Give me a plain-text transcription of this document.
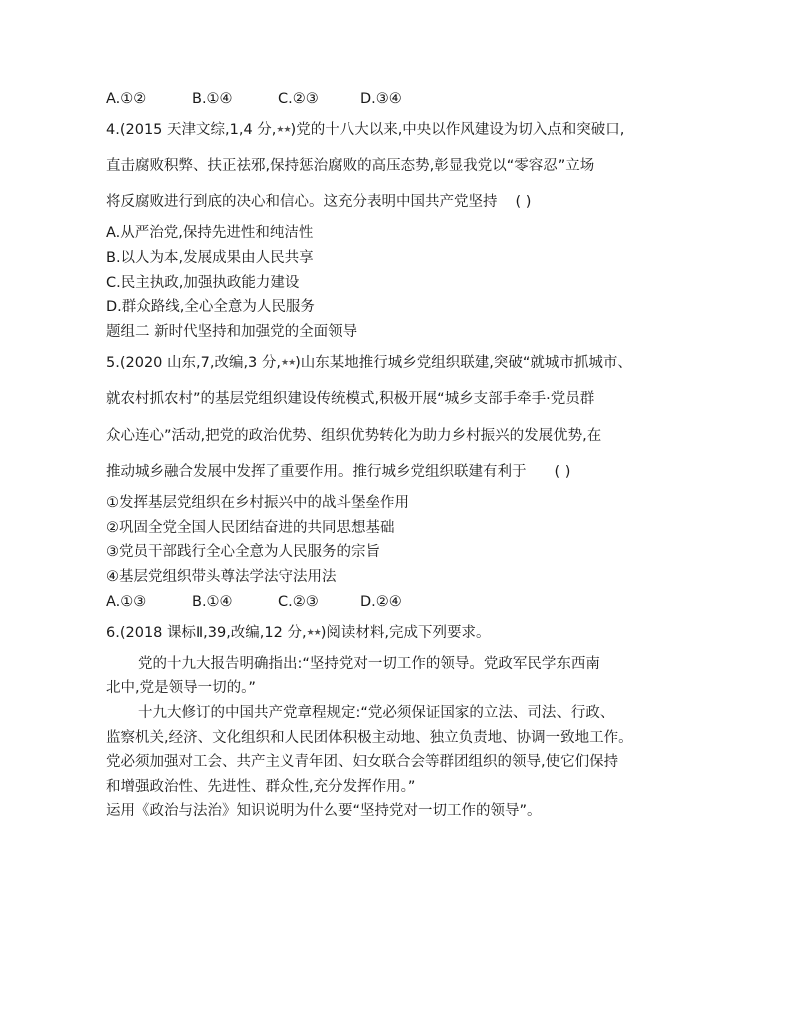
A.①②	B.①④	C.②③	D.③④
4.(2015 天津文综,1,4 分,★★)党的十八大以来,中央以作风建设为切入点和突破口,
直击腐败积弊、扶正祛邪,保持惩治腐败的高压态势,彰显我党以“零容忍”立场
将反腐败进行到底的决心和信心。这充分表明中国共产党坚持 ( )
A.从严治党,保持先进性和纯洁性
B.以人为本,发展成果由人民共享
C.民主执政,加强执政能力建设
D.群众路线,全心全意为人民服务
题组二 新时代坚持和加强党的全面领导
5.(2020 山东,7,改编,3 分,★★)山东某地推行城乡党组织联建,突破“就城市抓城市、
就农村抓农村”的基层党组织建设传统模式,积极开展“城乡支部手牵手·党员群
众心连心”活动,把党的政治优势、组织优势转化为助力乡村振兴的发展优势,在
推动城乡融合发展中发挥了重要作用。推行城乡党组织联建有利于 ( )
①发挥基层党组织在乡村振兴中的战斗堡垒作用
②巩固全党全国人民团结奋进的共同思想基础
③党员干部践行全心全意为人民服务的宗旨
④基层党组织带头尊法学法守法用法
A.①③	B.①④	C.②③	D.②④
6.(2018 课标Ⅱ,39,改编,12 分,★★)阅读材料,完成下列要求。
党的十九大报告明确指出:“坚持党对一切工作的领导。党政军民学东西南
北中,党是领导一切的。”
十九大修订的中国共产党章程规定:“党必须保证国家的立法、司法、行政、
监察机关,经济、文化组织和人民团体积极主动地、独立负责地、协调一致地工作。
党必须加强对工会、共产主义青年团、妇女联合会等群团组织的领导,使它们保持
和增强政治性、先进性、群众性,充分发挥作用。”
运用《政治与法治》知识说明为什么要“坚持党对一切工作的领导”。
